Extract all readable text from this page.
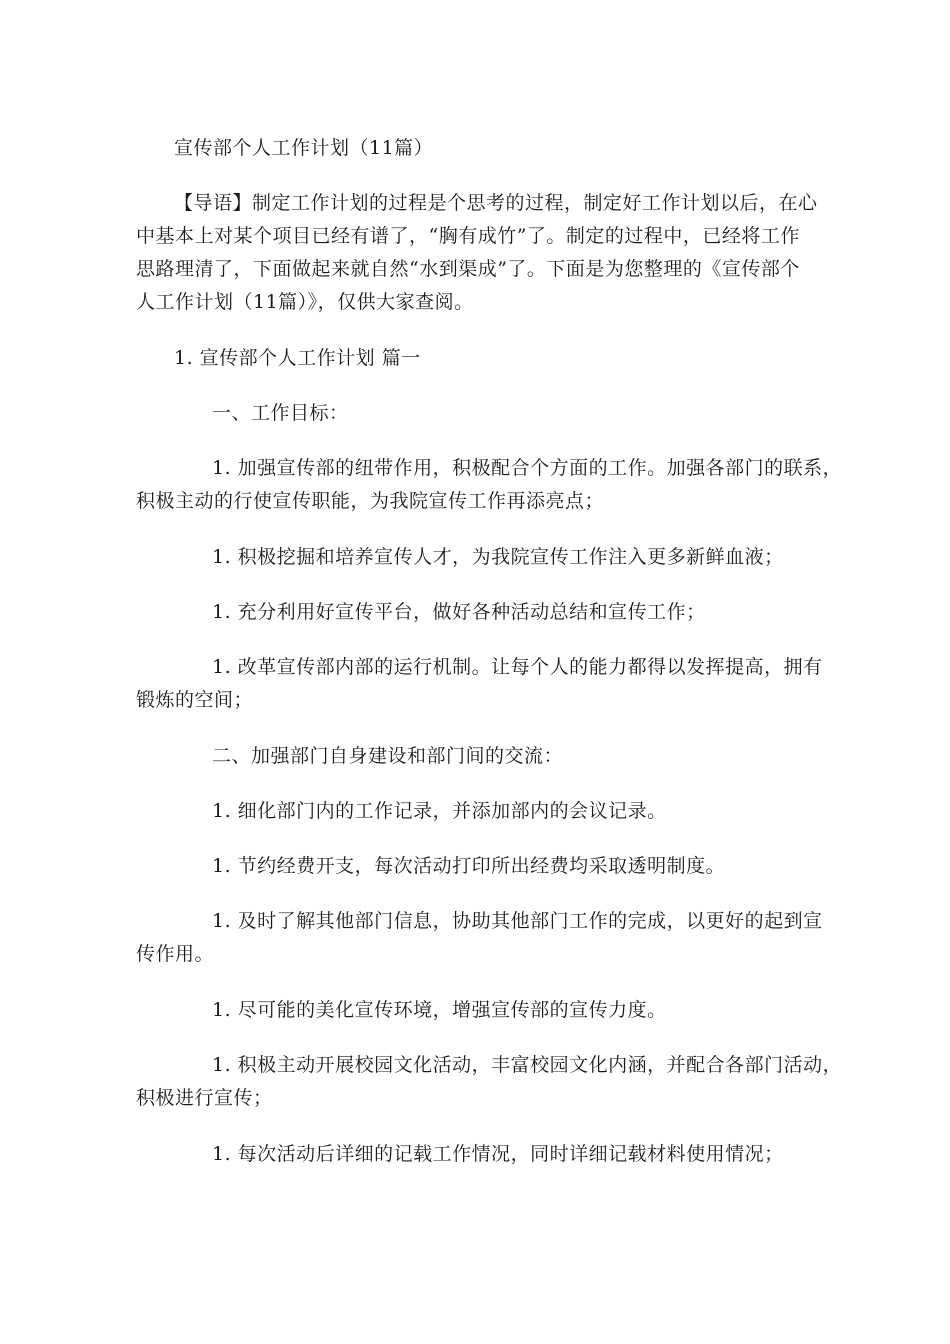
宣传部个人工作计划（11篇）

【导语】制定工作计划的过程是个思考的过程，制定好工作计划以后，在心

中基本上对某个项目已经有谱了，“胸有成竹”了。制定的过程中，已经将工作

思路理清了，下面做起来就自然“水到渠成”了。下面是为您整理的《宣传部个

人工作计划（11篇）》，仅供大家查阅。

1. 宣传部个人工作计划 篇一

一、工作目标：

1. 加强宣传部的纽带作用，积极配合个方面的工作。加强各部门的联系，

积极主动的行使宣传职能，为我院宣传工作再添亮点；

1. 积极挖掘和培养宣传人才，为我院宣传工作注入更多新鲜血液；

1. 充分利用好宣传平台，做好各种活动总结和宣传工作；

1. 改革宣传部内部的运行机制。让每个人的能力都得以发挥提高，拥有

锻炼的空间；

二、加强部门自身建设和部门间的交流：

1. 细化部门内的工作记录，并添加部内的会议记录。

1. 节约经费开支，每次活动打印所出经费均采取透明制度。

1. 及时了解其他部门信息，协助其他部门工作的完成，以更好的起到宣

传作用。

1. 尽可能的美化宣传环境，增强宣传部的宣传力度。

1. 积极主动开展校园文化活动，丰富校园文化内涵，并配合各部门活动，

积极进行宣传；

1. 每次活动后详细的记载工作情况，同时详细记载材料使用情况；
